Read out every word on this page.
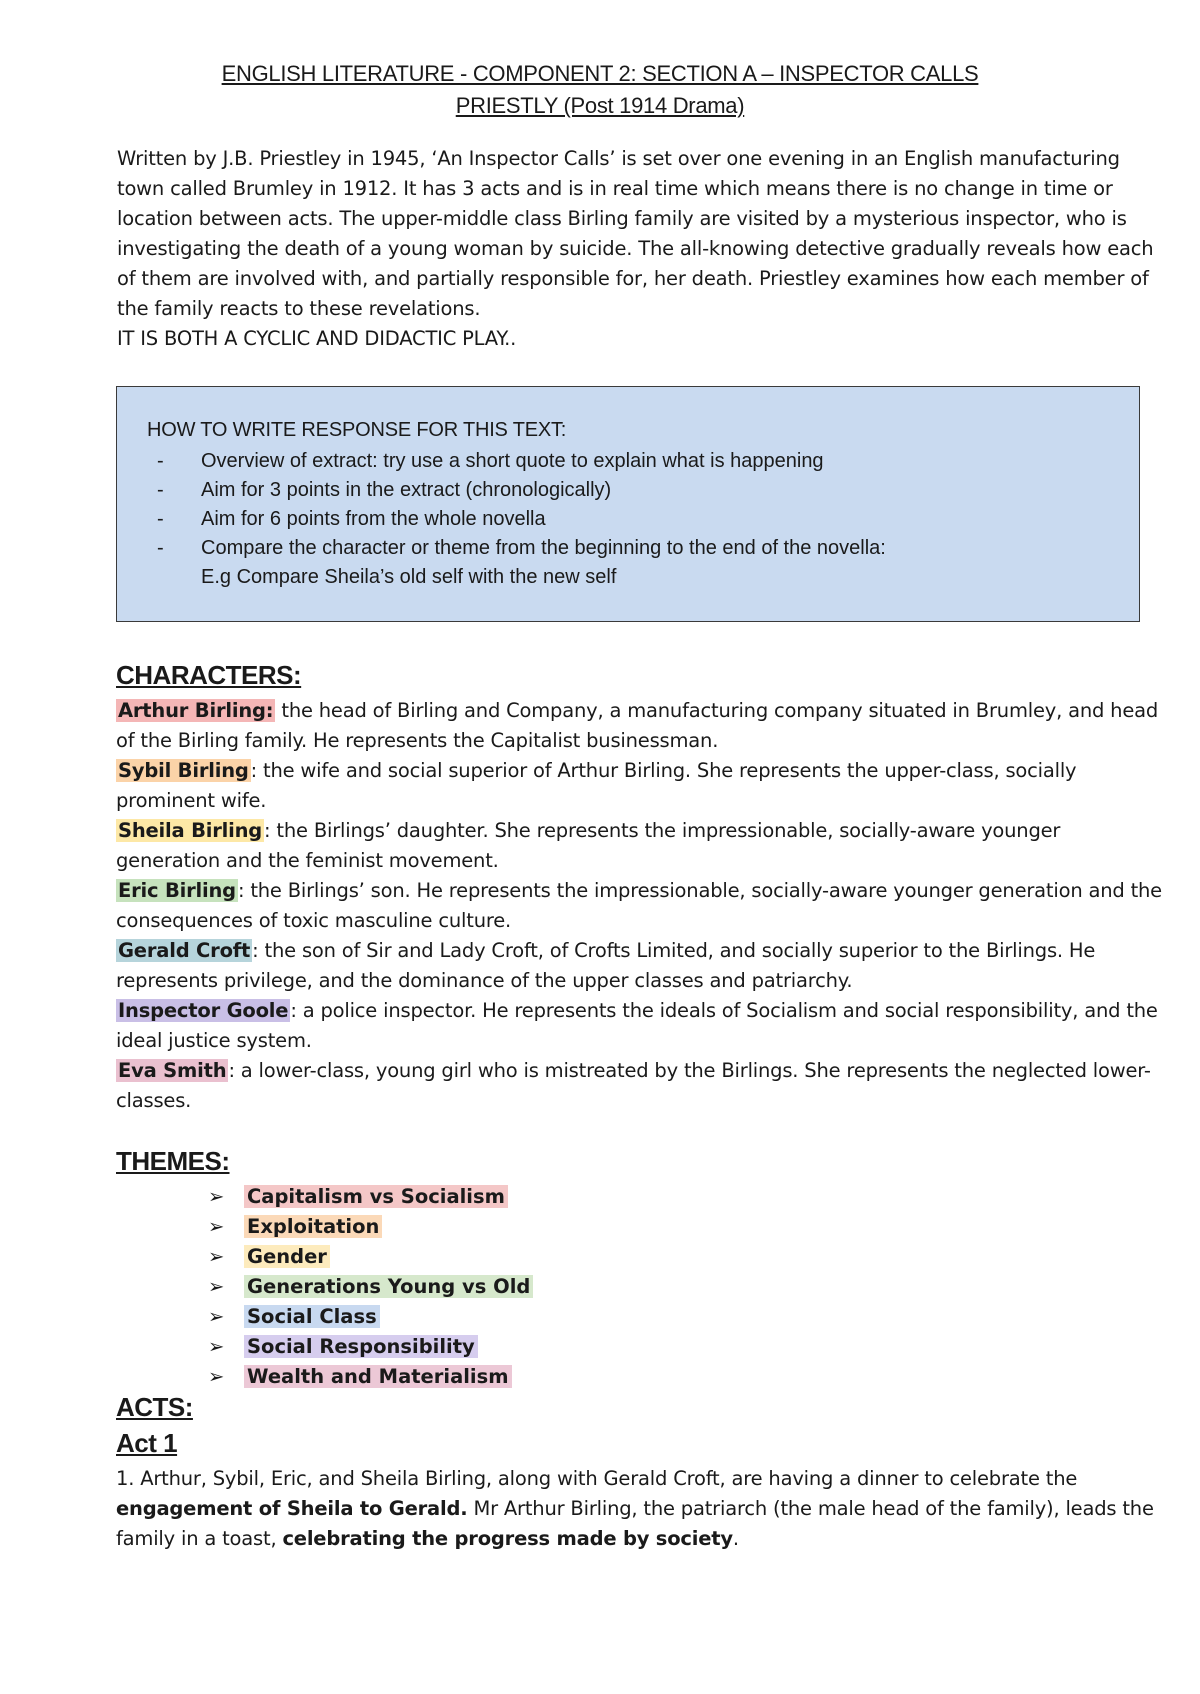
ENGLISH LITERATURE - COMPONENT 2: SECTION A – INSPECTOR CALLS
PRIESTLY (Post 1914 Drama)

Written by J.B. Priestley in 1945, ‘An Inspector Calls’ is set over one evening in an English manufacturing town called Brumley in 1912. It has 3 acts and is in real time which means there is no change in time or location between acts. The upper-middle class Birling family are visited by a mysterious inspector, who is investigating the death of a young woman by suicide. The all-knowing detective gradually reveals how each of them are involved with, and partially responsible for, her death. Priestley examines how each member of the family reacts to these revelations.

IT IS BOTH A CYCLIC AND DIDACTIC PLAY..

HOW TO WRITE RESPONSE FOR THIS TEXT:
- Overview of extract: try use a short quote to explain what is happening
- Aim for 3 points in the extract (chronologically)
- Aim for 6 points from the whole novella
- Compare the character or theme from the beginning to the end of the novella:
E.g Compare Sheila’s old self with the new self
CHARACTERS:

Arthur Birling: the head of Birling and Company, a manufacturing company situated in Brumley, and head of the Birling family. He represents the Capitalist businessman.

Sybil Birling : the wife and social superior of Arthur Birling. She represents the upper-class, socially prominent wife.

Sheila Birling : the Birlings’ daughter. She represents the impressionable, socially-aware younger generation and the feminist movement.

Eric Birling : the Birlings’ son. He represents the impressionable, socially-aware younger generation and the consequences of toxic masculine culture.

Gerald Croft : the son of Sir and Lady Croft, of Crofts Limited, and socially superior to the Birlings. He represents privilege, and the dominance of the upper classes and patriarchy.

Inspector Goole : a police inspector. He represents the ideals of Socialism and social responsibility, and the ideal justice system.

Eva Smith : a lower-class, young girl who is mistreated by the Birlings. She represents the neglected lower-classes.

THEMES:
➢ Capitalism vs Socialism
➢ Exploitation
➢ Gender
➢ Generations Young vs Old
➢ Social Class
➢ Social Responsibility
➢ Wealth and Materialism
ACTS:
Act 1

1. Arthur, Sybil, Eric, and Sheila Birling, along with Gerald Croft, are having a dinner to celebrate the engagement of Sheila to Gerald. Mr Arthur Birling, the patriarch (the male head of the family), leads the family in a toast, celebrating the progress made by society.
